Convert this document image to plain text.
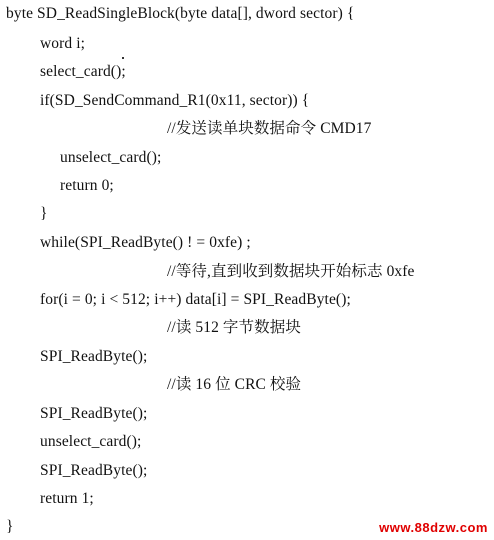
byte SD_ReadSingleBlock(byte data[], dword sector) {
word i;
select_card();
if(SD_SendCommand_R1(0x11, sector)) {
//发送读单块数据命令 CMD17
unselect_card();
return 0;
}
while(SPI_ReadByte() ! = 0xfe) ;
//等待,直到收到数据块开始标志 0xfe
for(i = 0; i < 512; i++) data[i] = SPI_ReadByte();
//读 512 字节数据块
SPI_ReadByte();
//读 16 位 CRC 校验
SPI_ReadByte();
unselect_card();
SPI_ReadByte();
return 1;
}	www.88dzw.com
